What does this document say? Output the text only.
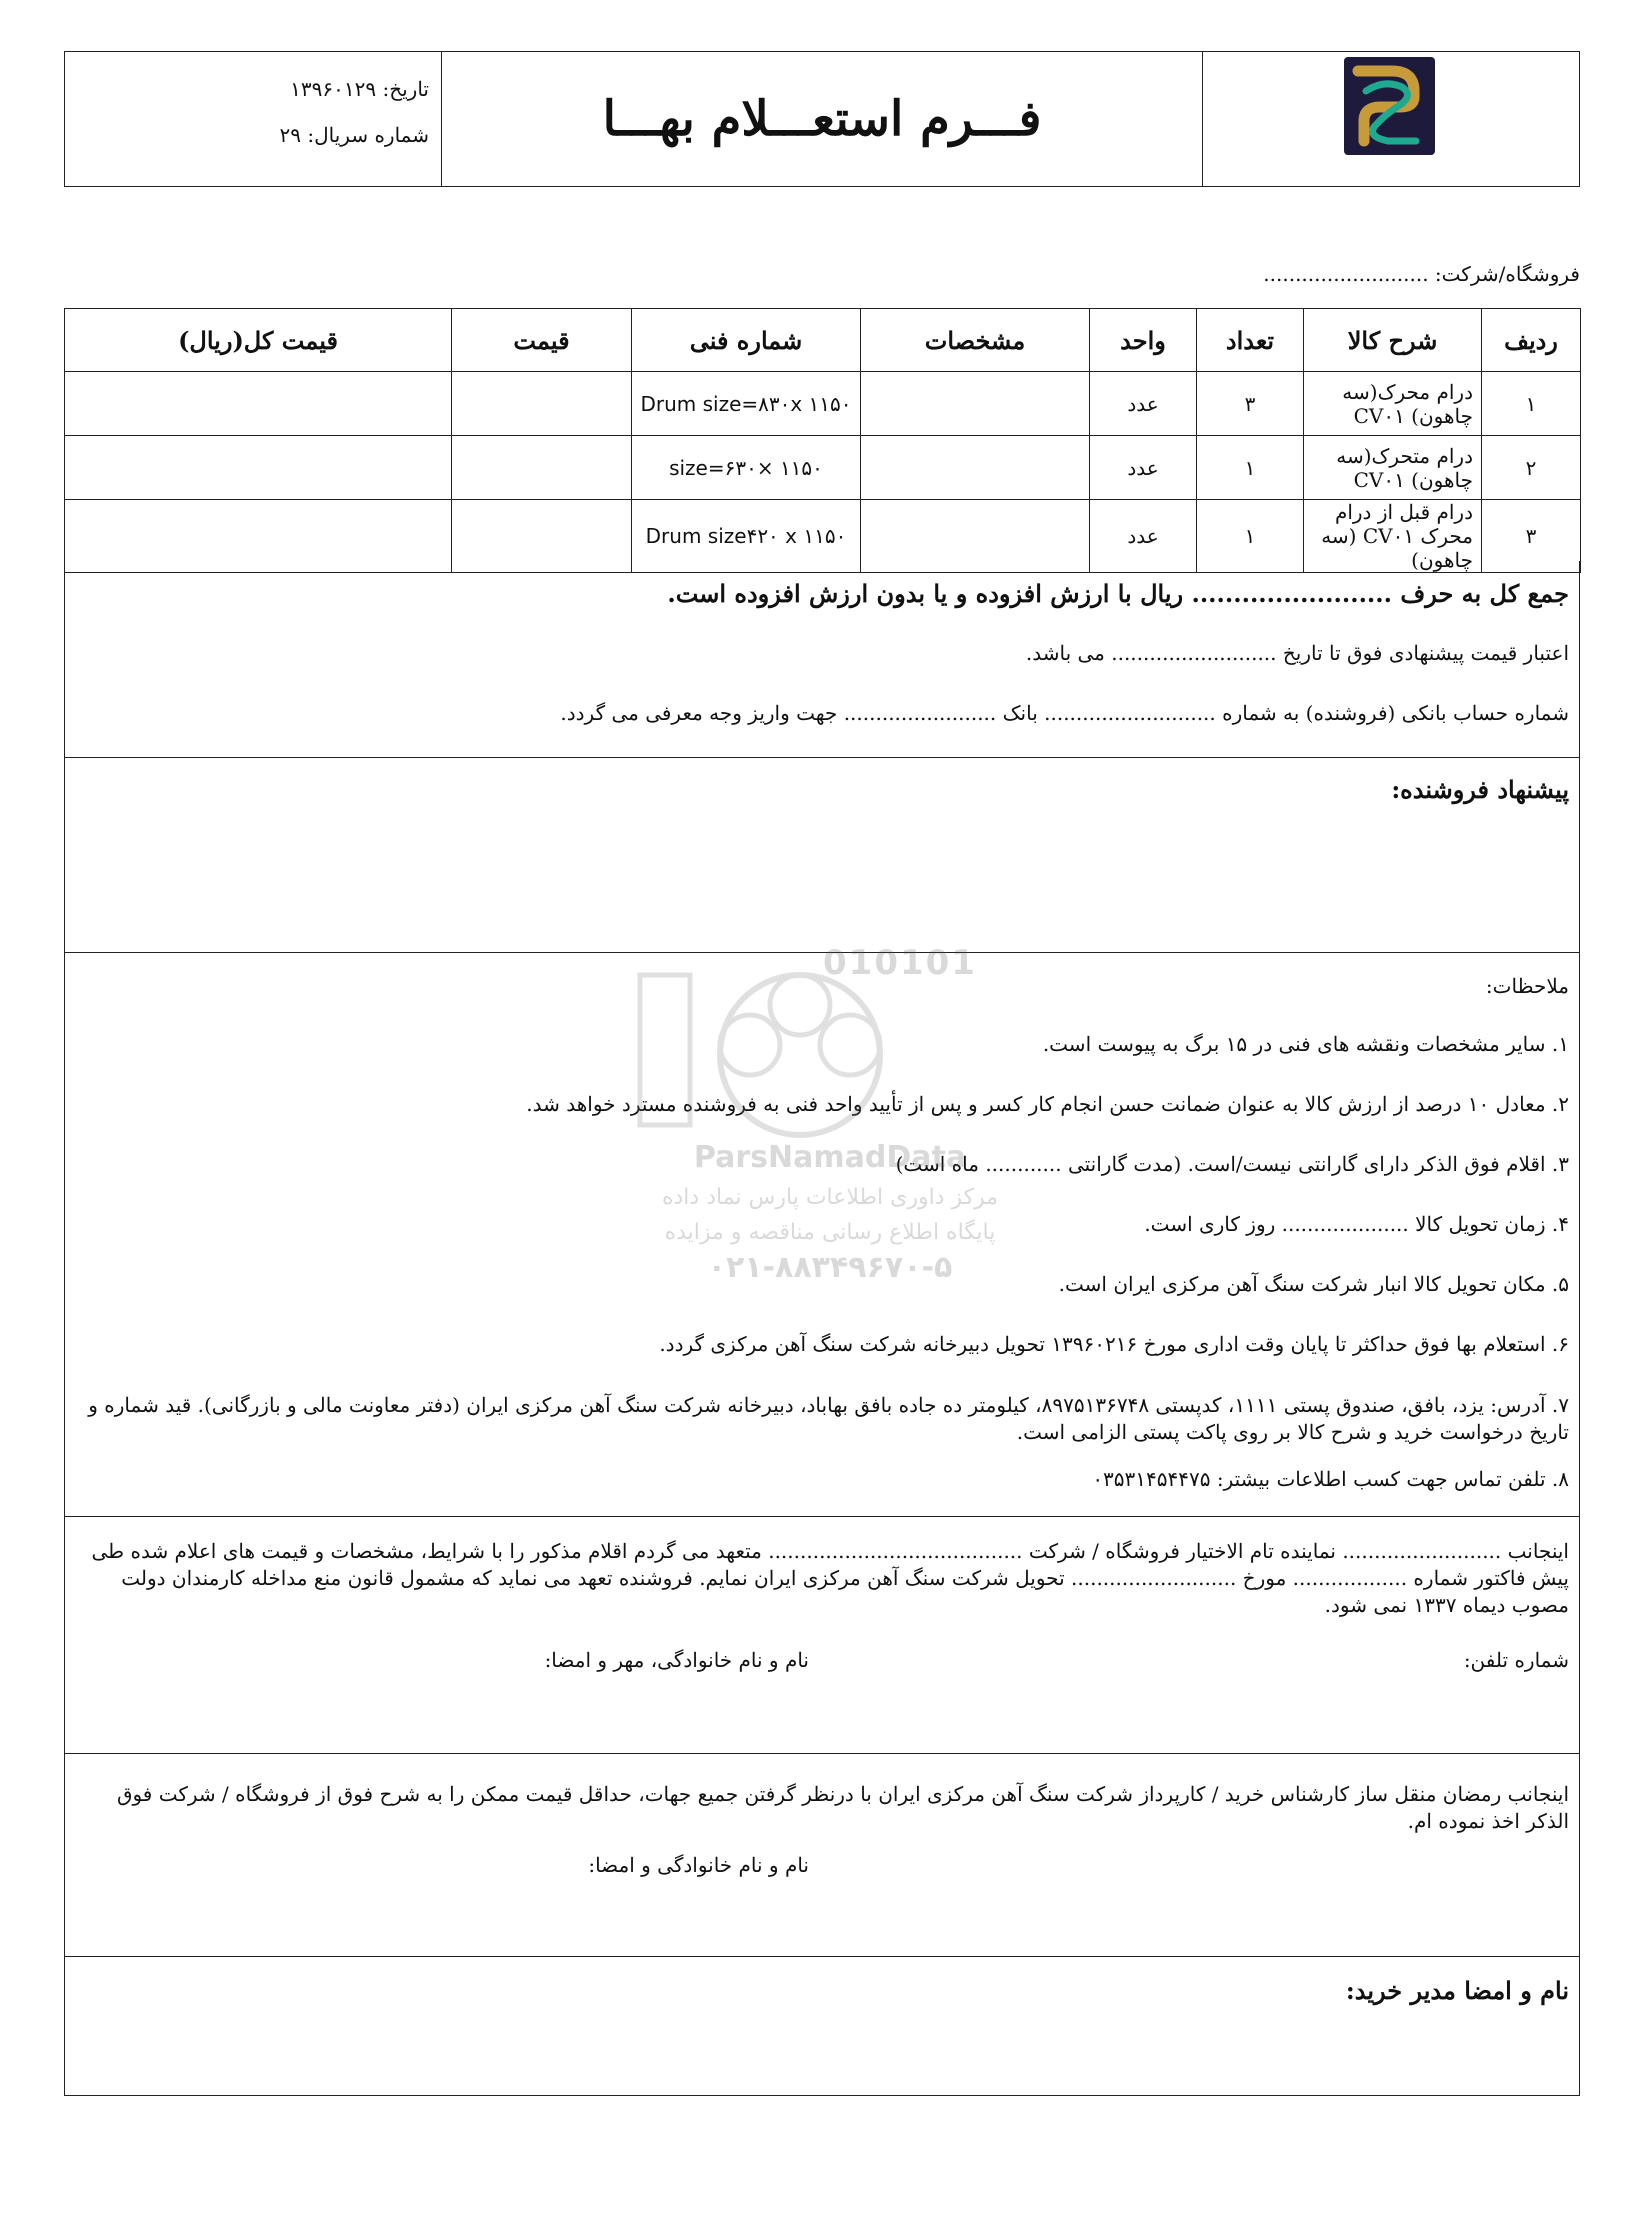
فـــرم استعـــلام بهـــا
تاریخ: ۱۳۹۶۰۱۲۹
شماره سریال: ۲۹
فروشگاه/شرکت: ..........................
ردیف	شرح کالا	تعداد	واحد	مشخصات	شماره فنی	قیمت	قیمت کل(ریال)
۱	درام محرک(سه چاهون) CV۰۱	۳	عدد		Drum size=۸۳۰x ۱۱۵۰		
۲	درام متحرک(سه چاهون) CV۰۱	۱	عدد		size=۶۳۰× ۱۱۵۰		
۳	درام قبل از درام محرک CV۰۱ (سه چاهون)	۱	عدد		Drum size۴۲۰ x ۱۱۵۰		
جمع کل به حرف ........................ ریال با ارزش افزوده و یا بدون ارزش افزوده است.
اعتبار قیمت پیشنهادی فوق تا تاریخ .......................... می باشد.
شماره حساب بانکی (فروشنده) به شماره ........................... بانک ........................ جهت واریز وجه معرفی می گردد.
پیشنهاد فروشنده:
ملاحظات:
۱. سایر مشخصات ونقشه های فنی در ۱۵ برگ به پیوست است.
۲. معادل ۱۰ درصد از ارزش کالا به عنوان ضمانت حسن انجام کار کسر و پس از تأیید واحد فنی به فروشنده مسترد خواهد شد.
۳. اقلام فوق الذکر دارای گارانتی نیست/است. (مدت گارانتی ............ ماه است)
۴. زمان تحویل کالا .................... روز کاری است.
۵. مکان تحویل کالا انبار شرکت سنگ آهن مرکزی ایران است.
۶. استعلام بها فوق حداکثر تا پایان وقت اداری مورخ ۱۳۹۶۰۲۱۶ تحویل دبیرخانه شرکت سنگ آهن مرکزی گردد.
۷. آدرس: یزد، بافق، صندوق پستی ۱۱۱۱، کدپستی ۸۹۷۵۱۳۶۷۴۸، کیلومتر ده جاده بافق بهاباد، دبیرخانه شرکت سنگ آهن مرکزی ایران (دفتر معاونت مالی و بازرگانی). قید شماره و تاریخ درخواست خرید و شرح کالا بر روی پاکت پستی الزامی است.
۸. تلفن تماس جهت کسب اطلاعات بیشتر: ۰۳۵۳۱۴۵۴۴۷۵
010101
ParsNamadData
مرکز داوری اطلاعات پارس نماد داده
پایگاه اطلاع رسانی مناقصه و مزایده
۰۲۱-۸۸۳۴۹۶۷۰-۵
اینجانب ......................... نماینده تام الاختیار فروشگاه / شرکت ........................................ متعهد می گردم اقلام مذکور را با شرایط، مشخصات و قیمت های اعلام شده طی پیش فاکتور شماره .................. مورخ .......................... تحویل شرکت سنگ آهن مرکزی ایران نمایم. فروشنده تعهد می نماید که مشمول قانون منع مداخله کارمندان دولت مصوب دیماه ۱۳۳۷ نمی شود.
شماره تلفن:
نام و نام خانوادگی، مهر و امضا:
اینجانب رمضان منقل ساز کارشناس خرید / کارپرداز شرکت سنگ آهن مرکزی ایران با درنظر گرفتن جمیع جهات، حداقل قیمت ممکن را به شرح فوق از فروشگاه / شرکت فوق الذکر اخذ نموده ام.
نام و نام خانوادگی و امضا:
نام و امضا مدیر خرید:
